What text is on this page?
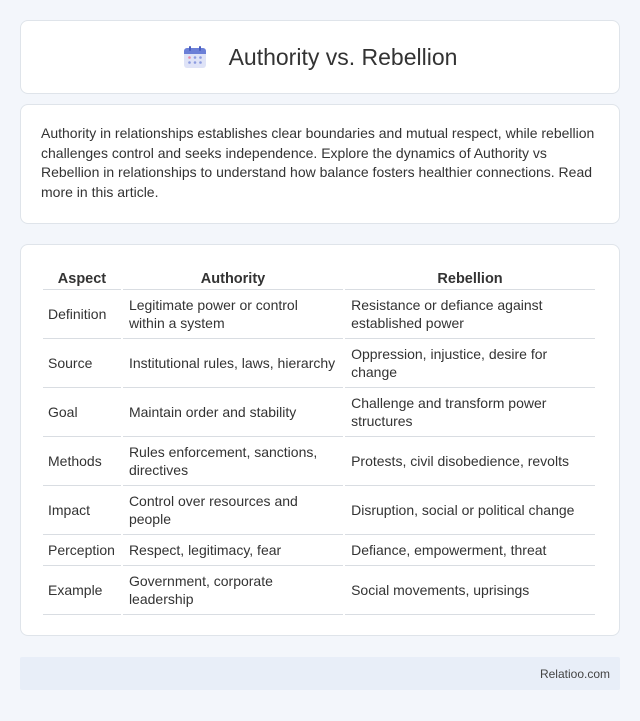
Authority vs. Rebellion

Authority in relationships establishes clear boundaries and mutual respect, while rebellion challenges control and seeks independence. Explore the dynamics of Authority vs Rebellion in relationships to understand how balance fosters healthier connections. Read more in this article.

Aspect	Authority	Rebellion
Definition	Legitimate power or control within a system	Resistance or defiance against established power
Source	Institutional rules, laws, hierarchy	Oppression, injustice, desire for change
Goal	Maintain order and stability	Challenge and transform power structures
Methods	Rules enforcement, sanctions, directives	Protests, civil disobedience, revolts
Impact	Control over resources and people	Disruption, social or political change
Perception	Respect, legitimacy, fear	Defiance, empowerment, threat
Example	Government, corporate leadership	Social movements, uprisings
Relatioo.com
